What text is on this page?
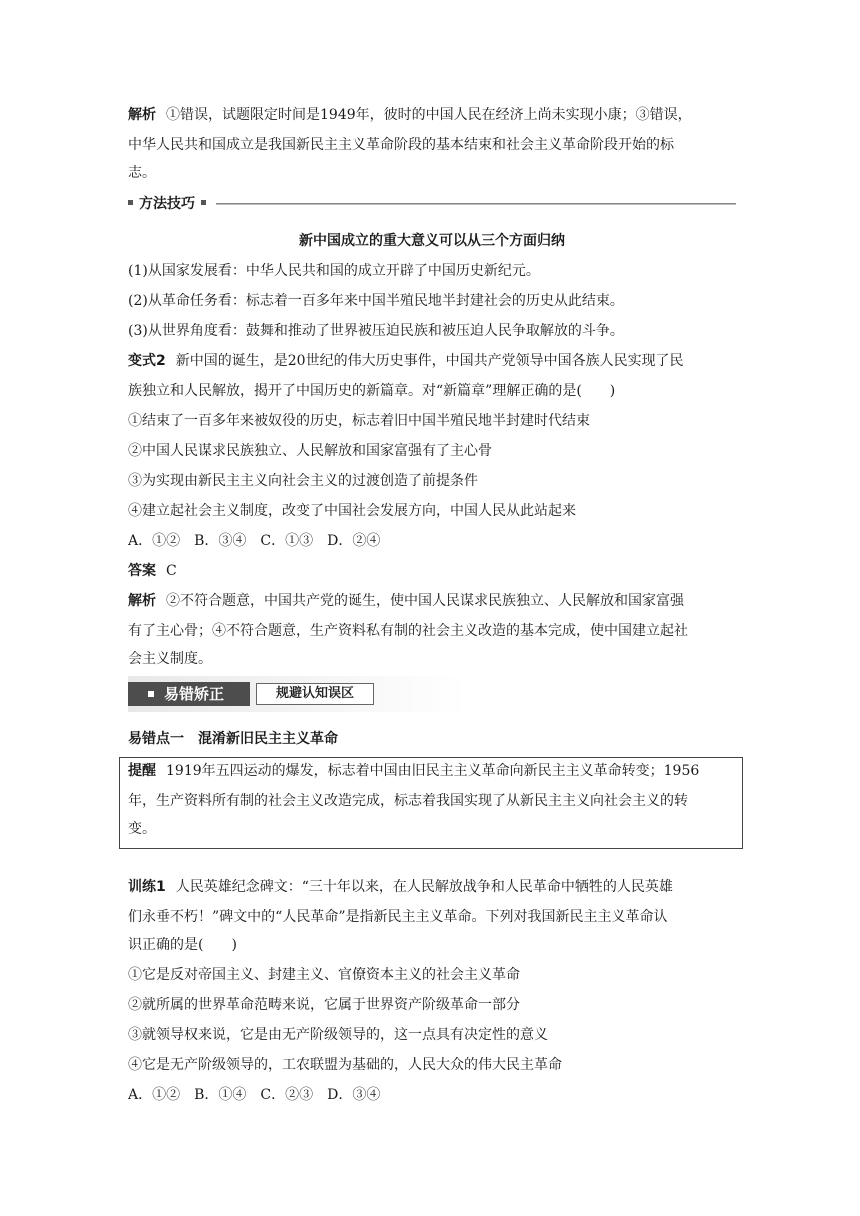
解析 ①错误，试题限定时间是1949年，彼时的中国人民在经济上尚未实现小康；③错误，
中华人民共和国成立是我国新民主主义革命阶段的基本结束和社会主义革命阶段开始的标
志。
方法技巧
新中国成立的重大意义可以从三个方面归纳
(1)从国家发展看：中华人民共和国的成立开辟了中国历史新纪元。
(2)从革命任务看：标志着一百多年来中国半殖民地半封建社会的历史从此结束。
(3)从世界角度看：鼓舞和推动了世界被压迫民族和被压迫人民争取解放的斗争。
变式2 新中国的诞生，是20世纪的伟大历史事件，中国共产党领导中国各族人民实现了民
族独立和人民解放，揭开了中国历史的新篇章。对“新篇章”理解正确的是(　　)
①结束了一百多年来被奴役的历史，标志着旧中国半殖民地半封建时代结束
②中国人民谋求民族独立、人民解放和国家富强有了主心骨
③为实现由新民主主义向社会主义的过渡创造了前提条件
④建立起社会主义制度，改变了中国社会发展方向，中国人民从此站起来
A．①②　B．③④　C．①③　D．②④
答案 C
解析 ②不符合题意，中国共产党的诞生，使中国人民谋求民族独立、人民解放和国家富强
有了主心骨；④不符合题意，生产资料私有制的社会主义改造的基本完成，使中国建立起社
会主义制度。
易错矫正	规避认知误区
易错点一 混淆新旧民主主义革命
提醒 1919年五四运动的爆发，标志着中国由旧民主主义革命向新民主主义革命转变；1956
年，生产资料所有制的社会主义改造完成，标志着我国实现了从新民主主义向社会主义的转
变。
训练1 人民英雄纪念碑文：“三十年以来，在人民解放战争和人民革命中牺牲的人民英雄
们永垂不朽！”碑文中的“人民革命”是指新民主主义革命。下列对我国新民主主义革命认
识正确的是(　　)
①它是反对帝国主义、封建主义、官僚资本主义的社会主义革命
②就所属的世界革命范畴来说，它属于世界资产阶级革命一部分
③就领导权来说，它是由无产阶级领导的，这一点具有决定性的意义
④它是无产阶级领导的，工农联盟为基础的，人民大众的伟大民主革命
A．①②　B．①④　C．②③　D．③④
